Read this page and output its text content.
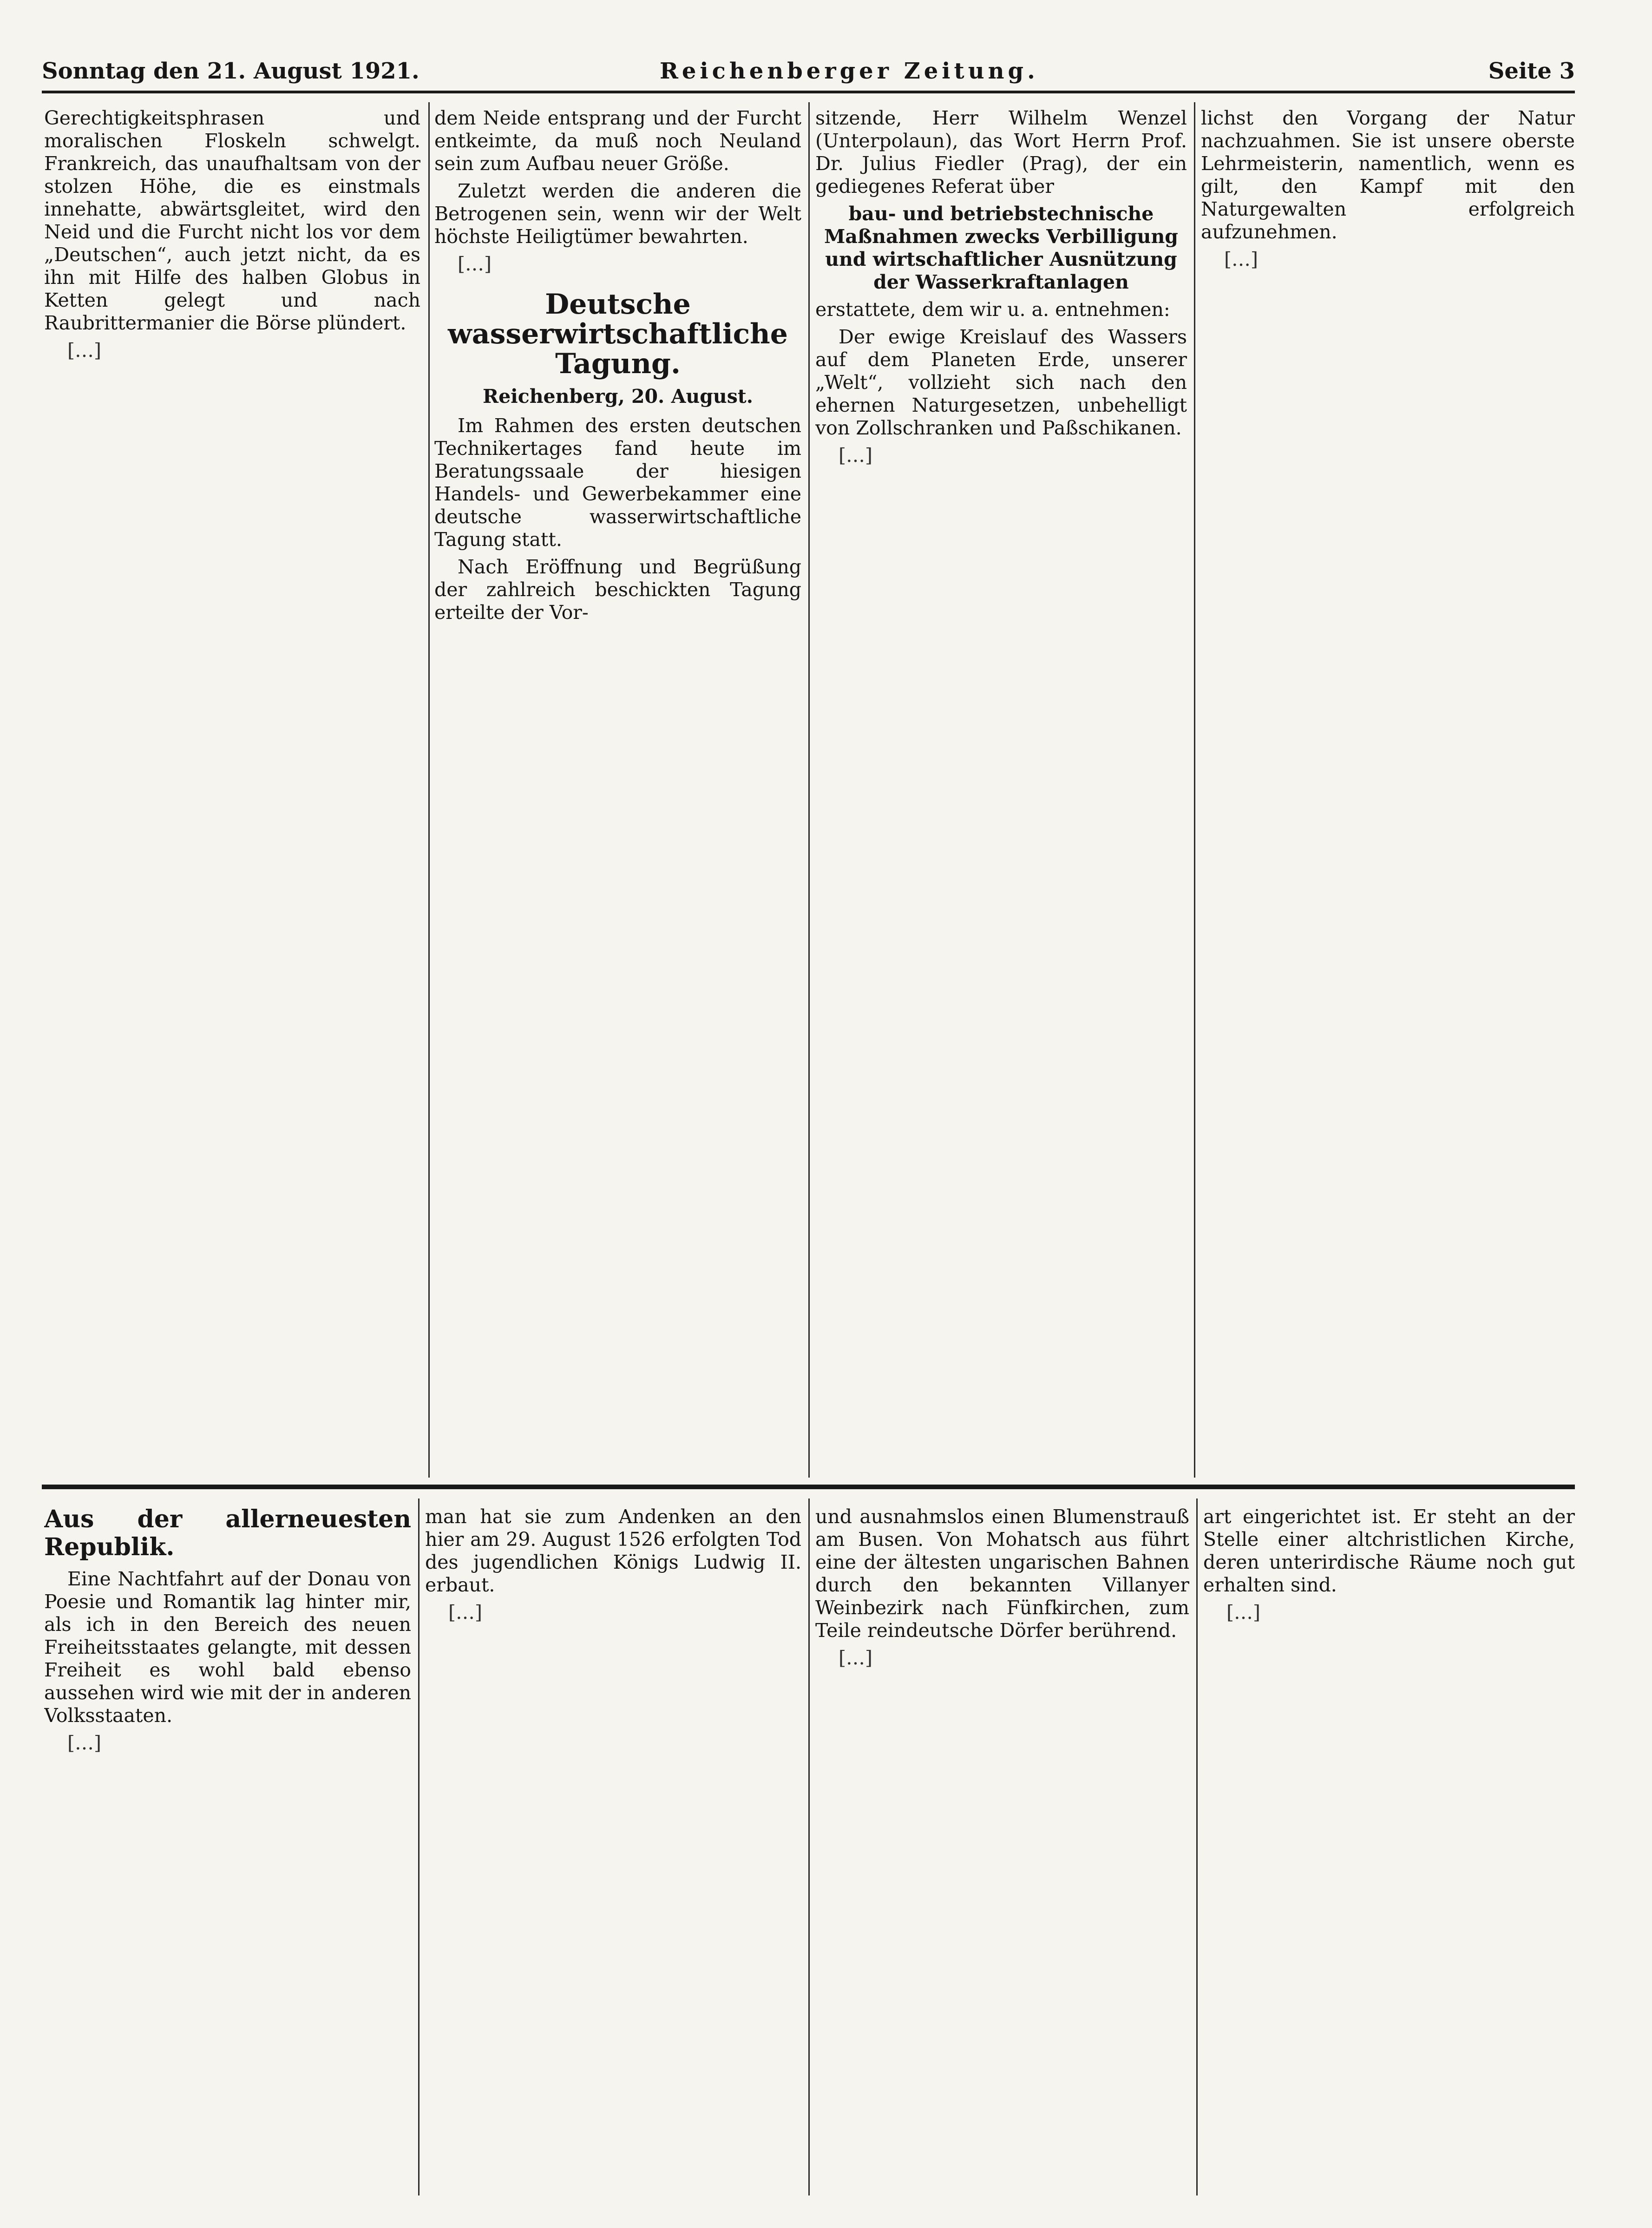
Sonntag den 21. August 1921.	Reichenberger Zeitung.	Seite 3

Gerechtigkeitsphrasen und moralischen Floskeln schwelgt. Frankreich, das unaufhaltsam von der stolzen Höhe, die es einstmals innehatte, abwärtsgleitet, wird den Neid und die Furcht nicht los vor dem „Deutschen“, auch jetzt nicht, da es ihn mit Hilfe des halben Globus in Ketten gelegt und nach Raubrittermanier die Börse plündert.

[…]

dem Neide entsprang und der Furcht entkeimte, da muß noch Neuland sein zum Aufbau neuer Größe.

Zuletzt werden die anderen die Betrogenen sein, wenn wir der Welt höchste Heiligtümer bewahrten.

[…]

Deutsche wasserwirtschaftliche Tagung.
Reichenberg, 20. August.

Im Rahmen des ersten deutschen Technikertages fand heute im Beratungssaale der hiesigen Handels- und Gewerbekammer eine deutsche wasserwirtschaftliche Tagung statt.

Nach Eröffnung und Begrüßung der zahlreich beschickten Tagung erteilte der Vor-

sitzende, Herr Wilhelm Wenzel (Unterpolaun), das Wort Herrn Prof. Dr. Julius Fiedler (Prag), der ein gediegenes Referat über

bau- und betriebstechnische Maßnahmen zwecks Verbilligung und wirtschaftlicher Ausnützung der Wasserkraftanlagen

erstattete, dem wir u. a. entnehmen:

Der ewige Kreislauf des Wassers auf dem Planeten Erde, unserer „Welt“, vollzieht sich nach den ehernen Naturgesetzen, unbehelligt von Zollschranken und Paßschikanen.

[…]

lichst den Vorgang der Natur nachzuahmen. Sie ist unsere oberste Lehrmeisterin, namentlich, wenn es gilt, den Kampf mit den Naturgewalten erfolgreich aufzunehmen.

[…]

Aus der allerneuesten Republik.

Eine Nachtfahrt auf der Donau von Poesie und Romantik lag hinter mir, als ich in den Bereich des neuen Freiheitsstaates gelangte, mit dessen Freiheit es wohl bald ebenso aussehen wird wie mit der in anderen Volksstaaten.

[…]

man hat sie zum Andenken an den hier am 29. August 1526 erfolgten Tod des jugendlichen Königs Ludwig II. erbaut.

[…]

und ausnahmslos einen Blumenstrauß am Busen. Von Mohatsch aus führt eine der ältesten ungarischen Bahnen durch den bekannten Villanyer Weinbezirk nach Fünfkirchen, zum Teile reindeutsche Dörfer berührend.

[…]

art eingerichtet ist. Er steht an der Stelle einer altchristlichen Kirche, deren unterirdische Räume noch gut erhalten sind.

[…]
